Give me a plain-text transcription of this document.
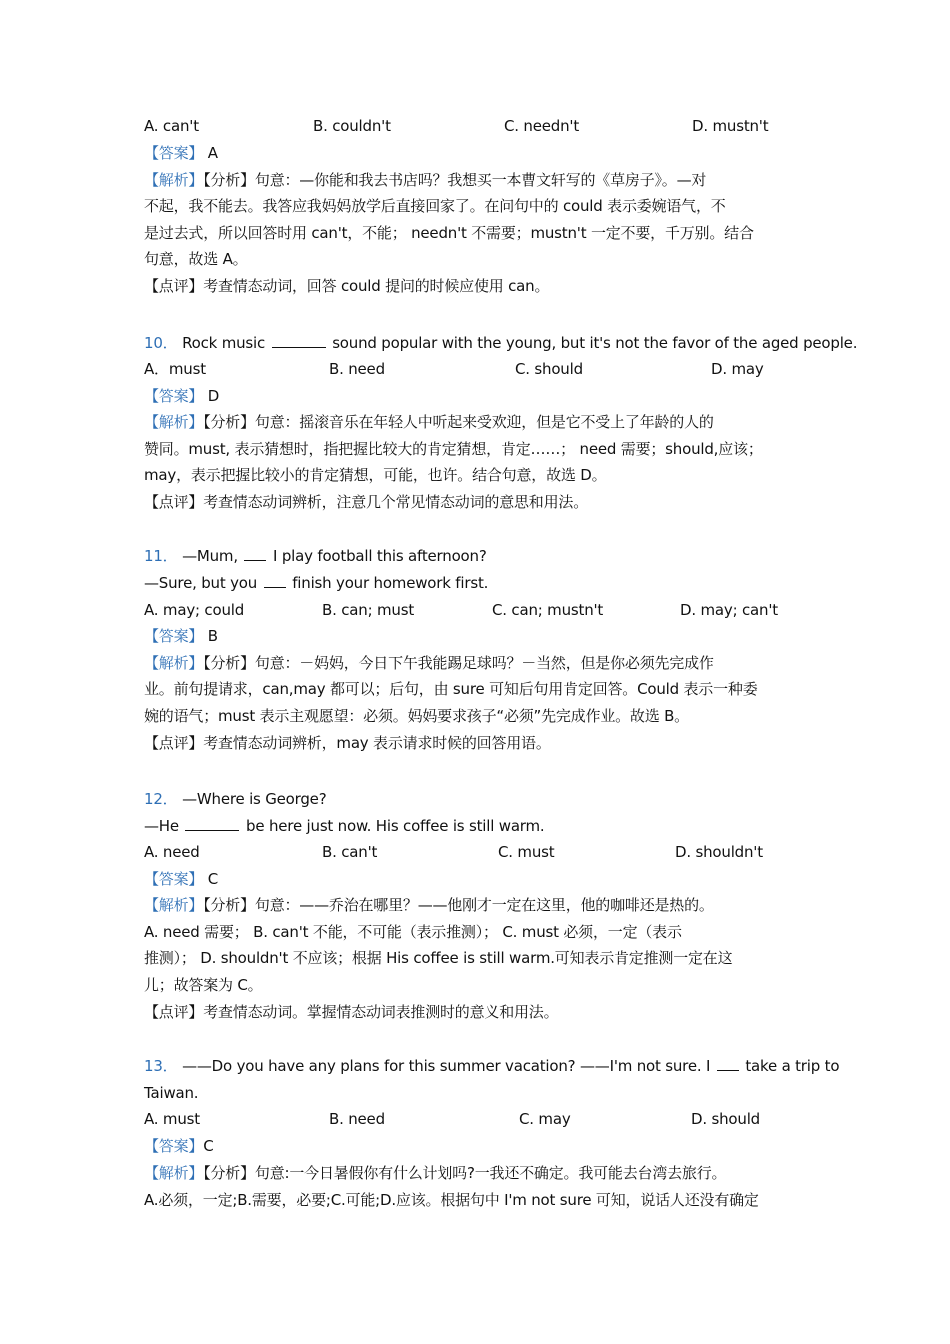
A. can't	B. couldn't	C. needn't	D. mustn't
【答案】 A
【解析】【分析】句意：—你能和我去书店吗？我想买一本曹文轩写的《草房子》。—对
不起，我不能去。我答应我妈妈放学后直接回家了。在问句中的 could 表示委婉语气，不
是过去式，所以回答时用 can't，不能； needn't 不需要；mustn't 一定不要，千万别。结合
句意，故选 A。
【点评】考查情态动词，回答 could 提问的时候应使用 can。
10． Rock music	sound popular with the young, but it's not the favor of the aged people.
A．must	B. need	C. should	D. may
【答案】 D
【解析】【分析】句意：摇滚音乐在年轻人中听起来受欢迎，但是它不受上了年龄的人的
赞同。must, 表示猜想时，指把握比较大的肯定猜想，肯定……； need 需要；should,应该；
may，表示把握比较小的肯定猜想，可能，也许。结合句意，故选 D。
【点评】考查情态动词辨析，注意几个常见情态动词的意思和用法。
11． —Mum,  I play football this afternoon?
—Sure, but you  finish your homework first.
A. may; could	B. can; must	C. can; mustn't	D. may; can't
【答案】 B
【解析】【分析】句意：－妈妈，今日下午我能踢足球吗？－当然，但是你必须先完成作
业。前句提请求，can,may 都可以；后句，由 sure 可知后句用肯定回答。Could 表示一种委
婉的语气；must 表示主观愿望：必须。妈妈要求孩子“必须”先完成作业。故选 B。
【点评】考查情态动词辨析，may 表示请求时候的回答用语。
12． —Where is George?
—He	be here just now. His coffee is still warm.
A. need	B. can't	C. must	D. shouldn't
【答案】 C
【解析】【分析】句意：——乔治在哪里？——他刚才一定在这里，他的咖啡还是热的。
A. need 需要； B. can't 不能，不可能（表示推测）； C. must 必须，一定（表示
推测）； D. shouldn't 不应该；根据 His coffee is still warm.可知表示肯定推测一定在这
儿；故答案为 C。
【点评】考查情态动词。掌握情态动词表推测时的意义和用法。
13． ——Do you have any plans for this summer vacation? ——I'm not sure. I  take a trip to
Taiwan.
A. must	B. need	C. may	D. should
【答案】C
【解析】【分析】句意:一今日暑假你有什么计划吗?一我还不确定。我可能去台湾去旅行。
A.必须，一定;B.需要，必要;C.可能;D.应该。根据句中 I'm not sure 可知，说话人还没有确定
